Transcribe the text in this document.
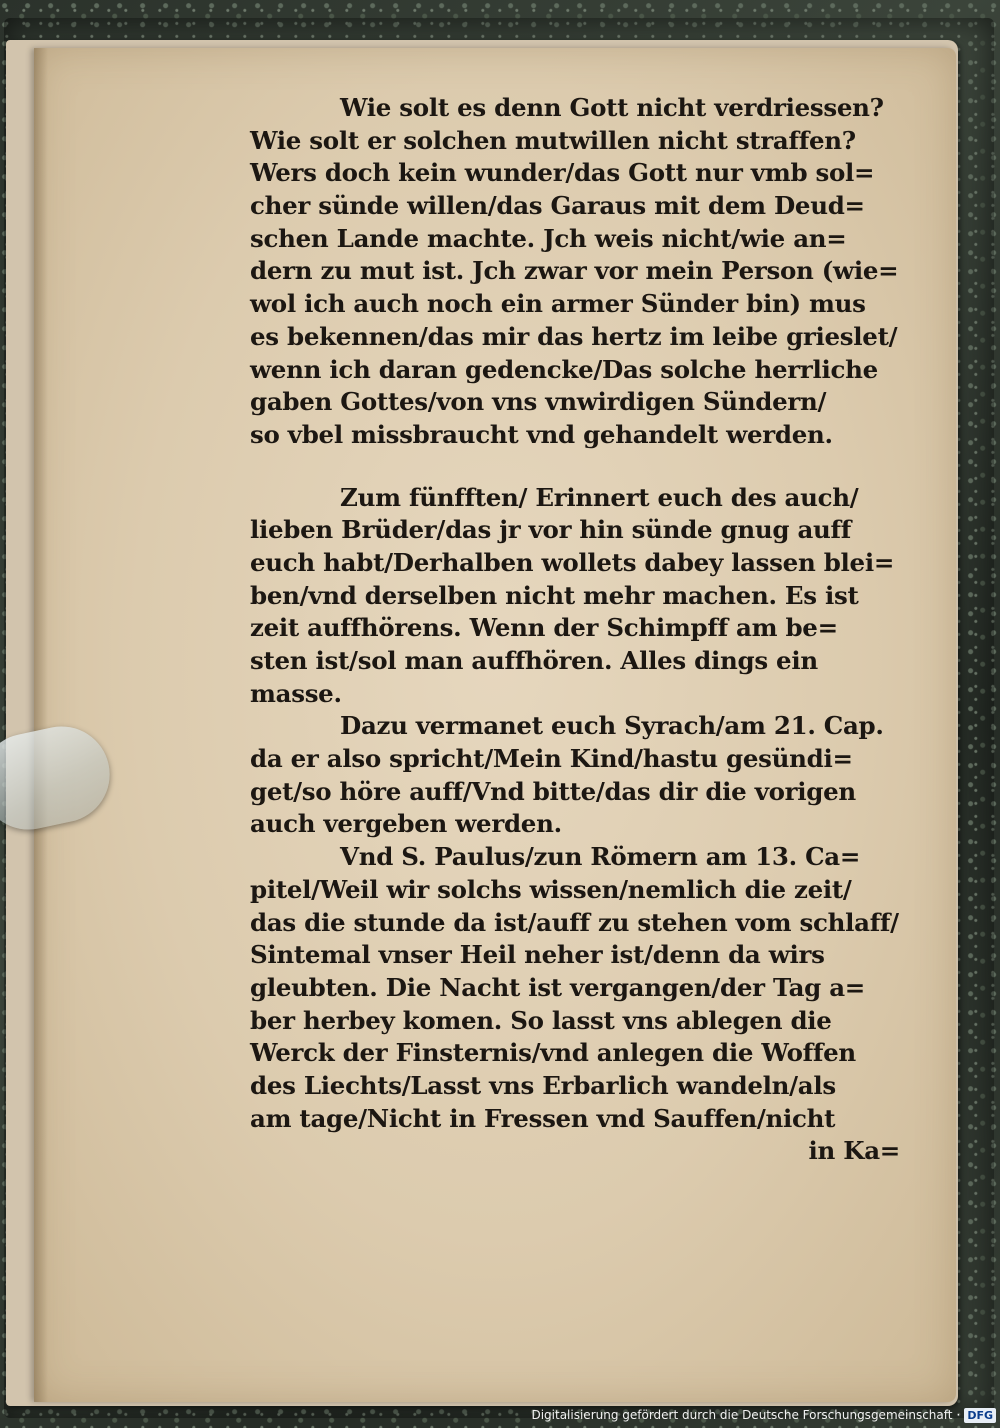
Wie solt es denn Gott nicht verdriessen?
Wie solt er solchen mutwillen nicht straffen?
Wers doch kein wunder/das Gott nur vmb sol=
cher sünde willen/das Garaus mit dem Deud=
schen Lande machte. Jch weis nicht/wie an=
dern zu mut ist. Jch zwar vor mein Person (wie=
wol ich auch noch ein armer Sünder bin) mus
es bekennen/das mir das hertz im leibe grieslet/
wenn ich daran gedencke/Das solche herrliche
gaben Gottes/von vns vnwirdigen Sündern/
so vbel missbraucht vnd gehandelt werden.
Zum fünfften/ Erinnert euch des auch/
lieben Brüder/das jr vor hin sünde gnug auff
euch habt/Derhalben wollets dabey lassen blei=
ben/vnd derselben nicht mehr machen. Es ist
zeit auffhörens. Wenn der Schimpff am be=
sten ist/sol man auffhören. Alles dings ein
masse.
Dazu vermanet euch Syrach/am 21. Cap.
da er also spricht/Mein Kind/hastu gesündi=
get/so höre auff/Vnd bitte/das dir die vorigen
auch vergeben werden.
Vnd S. Paulus/zun Römern am 13. Ca=
pitel/Weil wir solchs wissen/nemlich die zeit/
das die stunde da ist/auff zu stehen vom schlaff/
Sintemal vnser Heil neher ist/denn da wirs
gleubten. Die Nacht ist vergangen/der Tag a=
ber herbey komen. So lasst vns ablegen die
Werck der Finsternis/vnd anlegen die Woffen
des Liechts/Lasst vns Erbarlich wandeln/als
am tage/Nicht in Fressen vnd Sauffen/nicht
in Ka=
Digitalisierung gefördert durch die Deutsche Forschungsgemeinschaft · DFG
